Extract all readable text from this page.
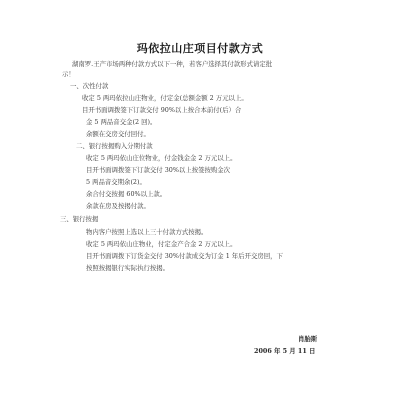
玛依拉山庄项目付款方式
湖南罗.王产市场两种付款方式以下一种，若客户选择其付款形式请定批
示！
一、次性付款
收定 5 两玛依拉山庄物业，付定金(总额金额 2 万元以上。
目开书面调拨签下订款交付 90%以上按合本前付(后）合
金 5 两品音交金(2 回)。
余额在交房交付回付。
二、银行按揭购入分期付款
收定 5 两玛依山庄位物业，付金钱金金 2 万元以上。
目开书面调拨签下订款交付 30%以上按签按购金次
5 两品音交期余(2)。
余合付交按揭 60%以上款。
余款在房及按揭付款。
三、银行按揭
物内客户按照上选以上三十付款方式按揭。
收定 5 两玛依山庄物业，付定金产合金 2 万元以上。
目开书面调拨下订货金交付 30%付款成交为订金 1 年后开交房回，下
按照按揭银行实际执行按揭。
肖胎斯
2006 年 5 月 11 日
